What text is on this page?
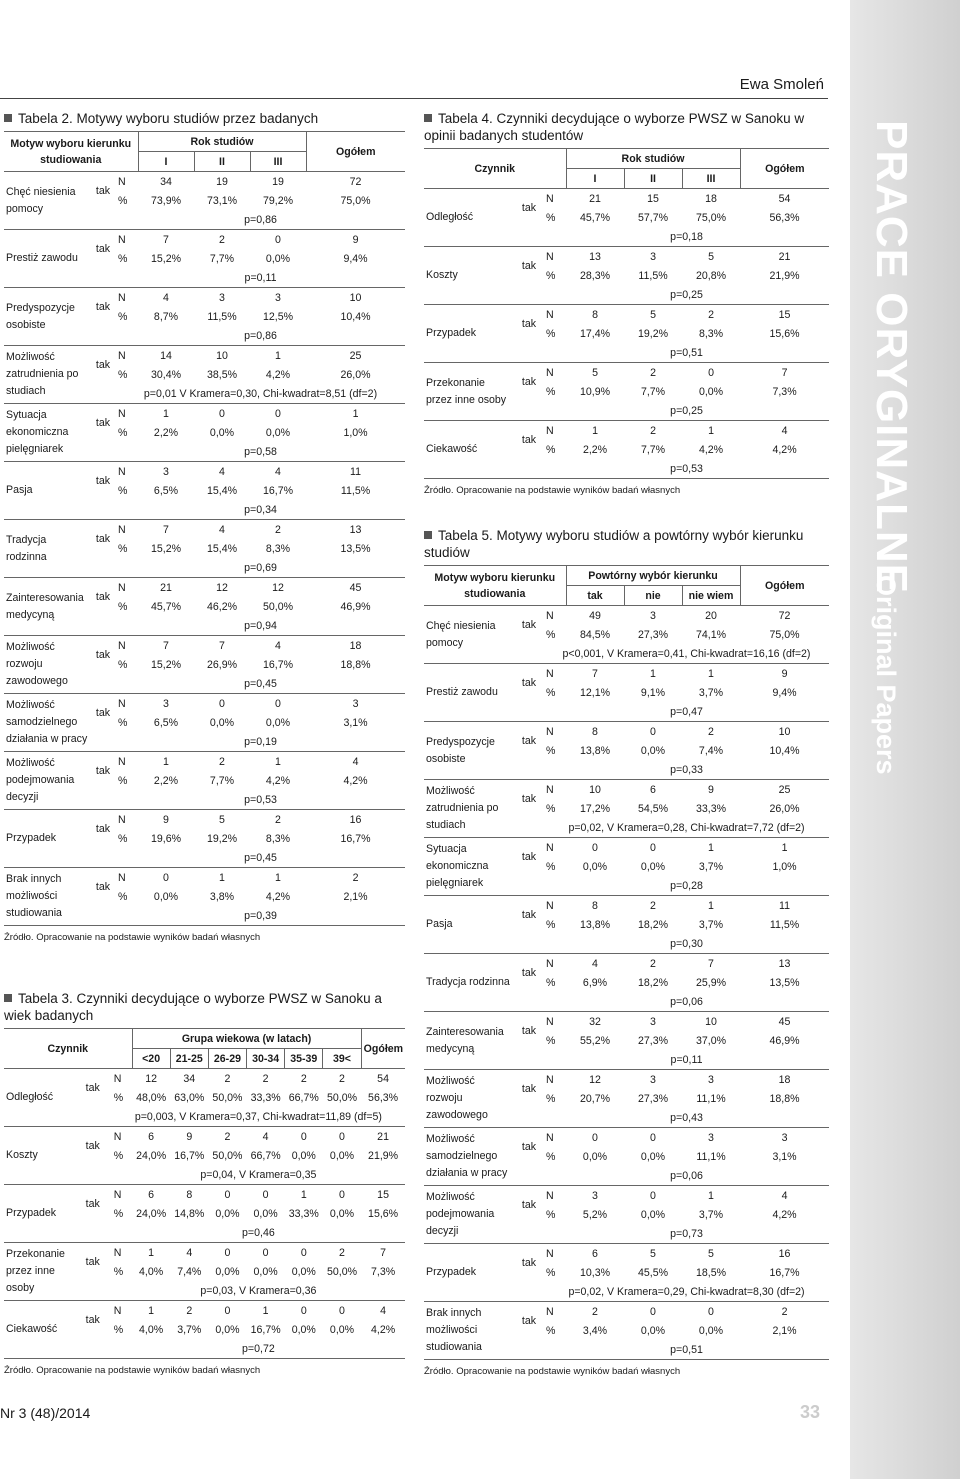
Ewa Smoleń
PRACE ORYGINALNE
Original Papers
Tabela 2. Motywy wyboru studiów przez badanych
Motyw wyboru kierunku studiowania			Rok studiów			Ogółem
			I	II	III	
Chęć niesienia pomocy	tak	N	34	19	19	72
		%	73,9%	73,1%	79,2%	75,0%
		p=0,86				
Prestiż zawodu	tak	N	7	2	0	9
		%	15,2%	7,7%	0,0%	9,4%
		p=0,11				
Predyspozycje osobiste	tak	N	4	3	3	10
		%	8,7%	11,5%	12,5%	10,4%
		p=0,86				
Możliwość zatrudnienia po studiach	tak	N	14	10	1	25
		%	30,4%	38,5%	4,2%	26,0%
		p=0,01 V Kramera=0,30, Chi-kwadrat=8,51 (df=2)				
Sytuacja ekonomiczna pielęgniarek	tak	N	1	0	0	1
		%	2,2%	0,0%	0,0%	1,0%
		p=0,58				
Pasja	tak	N	3	4	4	11
		%	6,5%	15,4%	16,7%	11,5%
		p=0,34				
Tradycja rodzinna	tak	N	7	4	2	13
		%	15,2%	15,4%	8,3%	13,5%
		p=0,69				
Zainteresowania medycyną	tak	N	21	12	12	45
		%	45,7%	46,2%	50,0%	46,9%
		p=0,94				
Możliwość rozwoju zawodowego	tak	N	7	7	4	18
		%	15,2%	26,9%	16,7%	18,8%
		p=0,45				
Możliwość samodzielnego działania w pracy	tak	N	3	0	0	3
		%	6,5%	0,0%	0,0%	3,1%
		p=0,19				
Możliwość podejmowania decyzji	tak	N	1	2	1	4
		%	2,2%	7,7%	4,2%	4,2%
		p=0,53				
Przypadek	tak	N	9	5	2	16
		%	19,6%	19,2%	8,3%	16,7%
		p=0,45				
Brak innych możliwości studiowania	tak	N	0	1	1	2
		%	0,0%	3,8%	4,2%	2,1%
		p=0,39				
Źródło. Opracowanie na podstawie wyników badań własnych
Tabela 3. Czynniki decydujące o wyborze PWSZ w Sanoku a wiek badanych
Czynnik			Grupa wiekowa (w latach)						Ogółem
			<20	21-25	26-29	30-34	35-39	39<	
Odległość	tak	N	12	34	2	2	2	2	54
		%	48,0%	63,0%	50,0%	33,3%	66,7%	50,0%	56,3%
		p=0,003, V Kramera=0,37, Chi-kwadrat=11,89 (df=5)							
Koszty	tak	N	6	9	2	4	0	0	21
		%	24,0%	16,7%	50,0%	66,7%	0,0%	0,0%	21,9%
		p=0,04, V Kramera=0,35							
Przypadek	tak	N	6	8	0	0	1	0	15
		%	24,0%	14,8%	0,0%	0,0%	33,3%	0,0%	15,6%
		p=0,46							
Przekonanie przez inne osoby	tak	N	1	4	0	0	0	2	7
		%	4,0%	7,4%	0,0%	0,0%	0,0%	50,0%	7,3%
		p=0,03, V Kramera=0,36							
Ciekawość	tak	N	1	2	0	1	0	0	4
		%	4,0%	3,7%	0,0%	16,7%	0,0%	0,0%	4,2%
		p=0,72							
Źródło. Opracowanie na podstawie wyników badań własnych
Tabela 4. Czynniki decydujące o wyborze PWSZ w Sanoku w opinii badanych studentów
Czynnik			Rok studiów			Ogółem
			I	II	III	
Odległość	tak	N	21	15	18	54
		%	45,7%	57,7%	75,0%	56,3%
		p=0,18				
Koszty	tak	N	13	3	5	21
		%	28,3%	11,5%	20,8%	21,9%
		p=0,25				
Przypadek	tak	N	8	5	2	15
		%	17,4%	19,2%	8,3%	15,6%
		p=0,51				
Przekonanie przez inne osoby	tak	N	5	2	0	7
		%	10,9%	7,7%	0,0%	7,3%
		p=0,25				
Ciekawość	tak	N	1	2	1	4
		%	2,2%	7,7%	4,2%	4,2%
		p=0,53				
Źródło. Opracowanie na podstawie wyników badań własnych
Tabela 5. Motywy wyboru studiów a powtórny wybór kierunku studiów
Motyw wyboru kierunku studiowania			Powtórny wybór kierunku			Ogółem
			tak	nie	nie wiem	
Chęć niesienia pomocy	tak	N	49	3	20	72
		%	84,5%	27,3%	74,1%	75,0%
		p<0,001, V Kramera=0,41, Chi-kwadrat=16,16 (df=2)				
Prestiż zawodu	tak	N	7	1	1	9
		%	12,1%	9,1%	3,7%	9,4%
		p=0,47				
Predyspozycje osobiste	tak	N	8	0	2	10
		%	13,8%	0,0%	7,4%	10,4%
		p=0,33				
Możliwość zatrudnienia po studiach	tak	N	10	6	9	25
		%	17,2%	54,5%	33,3%	26,0%
		p=0,02, V Kramera=0,28, Chi-kwadrat=7,72 (df=2)				
Sytuacja ekonomiczna pielęgniarek	tak	N	0	0	1	1
		%	0,0%	0,0%	3,7%	1,0%
		p=0,28				
Pasja	tak	N	8	2	1	11
		%	13,8%	18,2%	3,7%	11,5%
		p=0,30				
Tradycja rodzinna	tak	N	4	2	7	13
		%	6,9%	18,2%	25,9%	13,5%
		p=0,06				
Zainteresowania medycyną	tak	N	32	3	10	45
		%	55,2%	27,3%	37,0%	46,9%
		p=0,11				
Możliwość rozwoju zawodowego	tak	N	12	3	3	18
		%	20,7%	27,3%	11,1%	18,8%
		p=0,43				
Możliwość samodzielnego działania w pracy	tak	N	0	0	3	3
		%	0,0%	0,0%	11,1%	3,1%
		p=0,06				
Możliwość podejmowania decyzji	tak	N	3	0	1	4
		%	5,2%	0,0%	3,7%	4,2%
		p=0,73				
Przypadek	tak	N	6	5	5	16
		%	10,3%	45,5%	18,5%	16,7%
		p=0,02, V Kramera=0,29, Chi-kwadrat=8,30 (df=2)				
Brak innych możliwości studiowania	tak	N	2	0	0	2
		%	3,4%	0,0%	0,0%	2,1%
		p=0,51				
Źródło. Opracowanie na podstawie wyników badań własnych
Nr 3 (48)/2014	33
